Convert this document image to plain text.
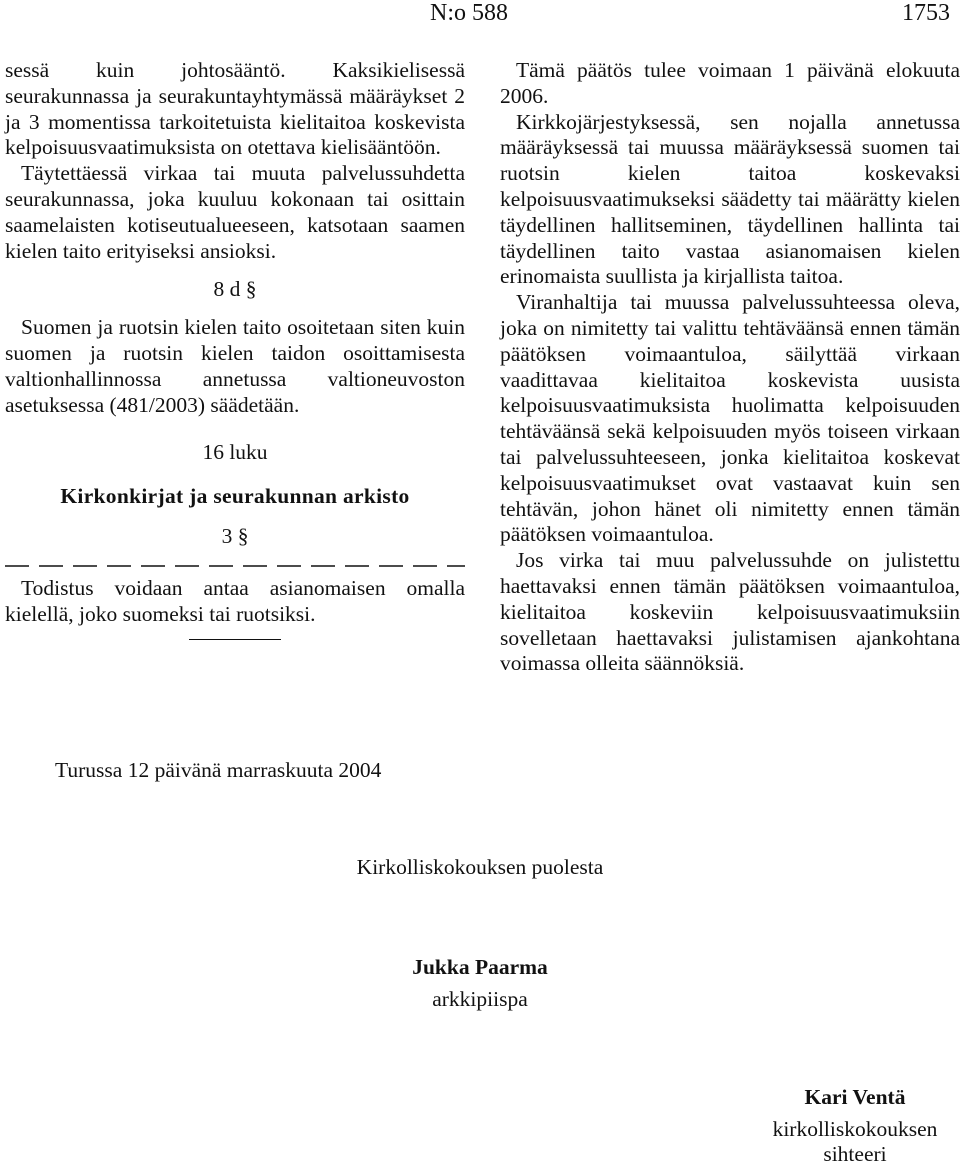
N:o 588	1753

sessä kuin johtosääntö. Kaksikielisessä seurakunnassa ja seurakuntayhtymässä määräykset 2 ja 3 momentissa tarkoitetuista kielitaitoa koskevista kelpoisuusvaatimuksista on otettava kielisääntöön.

Täytettäessä virkaa tai muuta palvelussuhdetta seurakunnassa, joka kuuluu kokonaan tai osittain saamelaisten kotiseutualueeseen, katsotaan saamen kielen taito erityiseksi ansioksi.

8 d §

Suomen ja ruotsin kielen taito osoitetaan siten kuin suomen ja ruotsin kielen taidon osoittamisesta valtionhallinnossa annetussa valtioneuvoston asetuksessa (481/2003) säädetään.

16 luku
Kirkonkirjat ja seurakunnan arkisto
3 §

Todistus voidaan antaa asianomaisen omalla kielellä, joko suomeksi tai ruotsiksi.

Tämä päätös tulee voimaan 1 päivänä elokuuta 2006.

Kirkkojärjestyksessä, sen nojalla annetussa määräyksessä tai muussa määräyksessä suomen tai ruotsin kielen taitoa koskevaksi kelpoisuusvaatimukseksi säädetty tai määrätty kielen täydellinen hallitseminen, täydellinen hallinta tai täydellinen taito vastaa asianomaisen kielen erinomaista suullista ja kirjallista taitoa.

Viranhaltija tai muussa palvelussuhteessa oleva, joka on nimitetty tai valittu tehtäväänsä ennen tämän päätöksen voimaantuloa, säilyttää virkaan vaadittavaa kielitaitoa koskevista uusista kelpoisuusvaatimuksista huolimatta kelpoisuuden tehtäväänsä sekä kelpoisuuden myös toiseen virkaan tai palvelussuhteeseen, jonka kielitaitoa koskevat kelpoisuusvaatimukset ovat vastaavat kuin sen tehtävän, johon hänet oli nimitetty ennen tämän päätöksen voimaantuloa.

Jos virka tai muu palvelussuhde on julistettu haettavaksi ennen tämän päätöksen voimaantuloa, kielitaitoa koskeviin kelpoisuusvaatimuksiin sovelletaan haettavaksi julistamisen ajankohtana voimassa olleita säännöksiä.

Turussa 12 päivänä marraskuuta 2004
Kirkolliskokouksen puolesta
Jukka Paarma
arkkipiispa
Kari Ventä
kirkolliskokouksen
sihteeri
